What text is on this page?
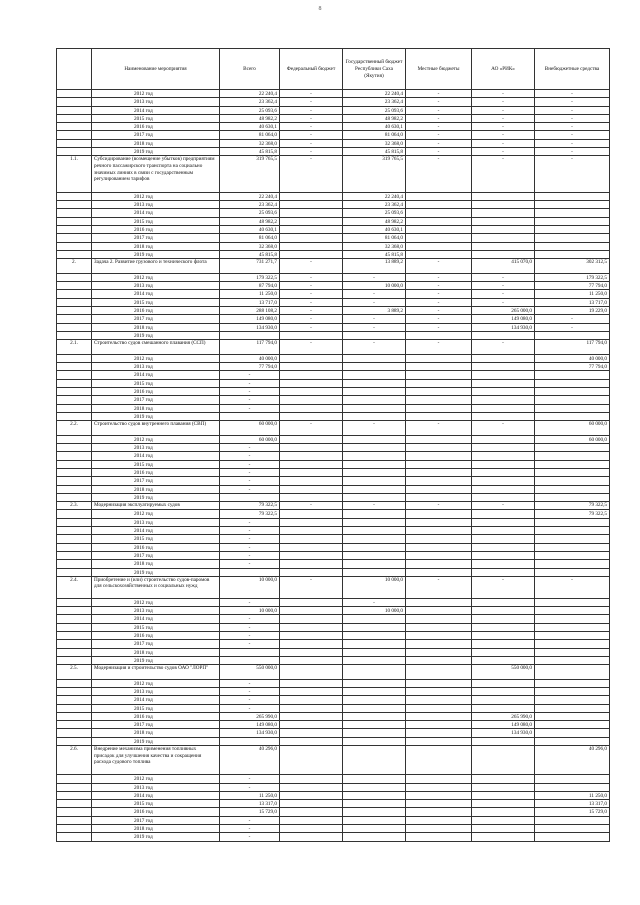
8
	Наименование мероприятия	Всего	Федеральный бюджет	Государственный бюджет Республики Саха (Якутия)	Местные бюджеты	АО «РИК»	Внебюджетные средства
	2012 год	22 240,4	-	22 240,4	-	-	-
	2013 год	23 362,4	-	23 362,4	-	-	-
	2014 год	25 093,6	-	25 093,6	-	-	-
	2015 год	48 982,2	-	48 982,2	-	-	-
	2016 год	40 630,1	-	40 630,1	-	-	-
	2017 год	81 064,0	-	81 064,0	-	-	-
	2018 год	32 368,0	-	32 368,0	-	-	-
	2019 год	45 815,8	-	45 815,8	-	-	-
1.1.	Субсидирование (возмещение убытков) предприятиям речного пассажирского транспорта на социально значимых линиях в связи с государственным регулированием тарифов	319 765,5	-	319 765,5	-	-	-
	2012 год	22 240,4		22 240,4			
	2013 год	23 362,4		23 362,4			
	2014 год	25 093,6		25 093,6			
	2015 год	48 982,2		48 982,2			
	2016 год	40 630,1		40 630,1			
	2017 год	81 064,0		81 064,0			
	2018 год	32 368,0		32 368,0			
	2019 год	45 815,8		45 815,8			
2.	Задача 2. Развитие грузового и технического флота	731 271,7	-	13 889,2	-	415 070,0	302 312,5
	2012 год	179 322,5	-	-	-	-	179 322,5
	2013 год	87 794,0	-	10 000,0	-	-	77 794,0
	2014 год	11 250,0	-	-	-	-	11 250,0
	2015 год	13 717,0	-	-	-	-	13 717,0
	2016 год	288 108,2	-	3 889,2	-	265 000,0	19 229,0
	2017 год	149 080,0	-	-	-	149 080,0	-
	2018 год	134 930,0	-	-	-	134 930,0	-
	2019 год						
2.1.	Строительство судов смешанного плавания (ССП)	117 794,0	-	-	-	-	117 794,0
	2012 год	40 000,0					40 000,0
	2013 год	77 794,0					77 794,0
	2014 год	-					
	2015 год	-					
	2016 год	-					
	2017 год	-					
	2018 год	-					
	2019 год						
2.2.	Строительство судов внутреннего плавания (СВП)	60 000,0	-	-	-	-	60 000,0
	2012 год	60 000,0					60 000,0
	2013 год	-					
	2014 год	-					
	2015 год	-					
	2016 год	-					
	2017 год	-					
	2018 год	-					
	2019 год						
2.3.	Модернизация эксплуатируемых судов	79 322,5	-	-	-	-	79 322,5
	2012 год	79 322,5					79 322,5
	2013 год	-					
	2014 год	-					
	2015 год	-					
	2016 год	-					
	2017 год	-					
	2018 год	-					
	2019 год						
2.4.	Приобретение и (или) строительство судов-паромов для сельскохозяйственных и социальных нужд	10 000,0	-	10 000,0	-	-	-
	2012 год	-		-			
	2013 год	10 000,0		10 000,0			
	2014 год	-					
	2015 год	-					
	2016 год	-					
	2017 год	-					
	2018 год						
	2019 год						
2.5.	Модернизация и строительство судов ОАО "ЛОРП"	550 000,0				550 000,0	
	2012 год	-					
	2013 год	-					
	2014 год	-					
	2015 год	-					
	2016 год	265 990,0				265 990,0	
	2017 год	149 080,0				149 080,0	
	2018 год	134 930,0				134 930,0	
	2019 год						
2.6.	Внедрение механизма применения топливных присадок для улучшения качества и сокращения расхода судового топлива	40 296,0					40 296,0
	2012 год	-					
	2013 год	-					
	2014 год	11 250,0					11 250,0
	2015 год	13 317,0					13 317,0
	2016 год	15 729,0					15 729,0
	2017 год	-					
	2018 год	-					
	2019 год	-					
